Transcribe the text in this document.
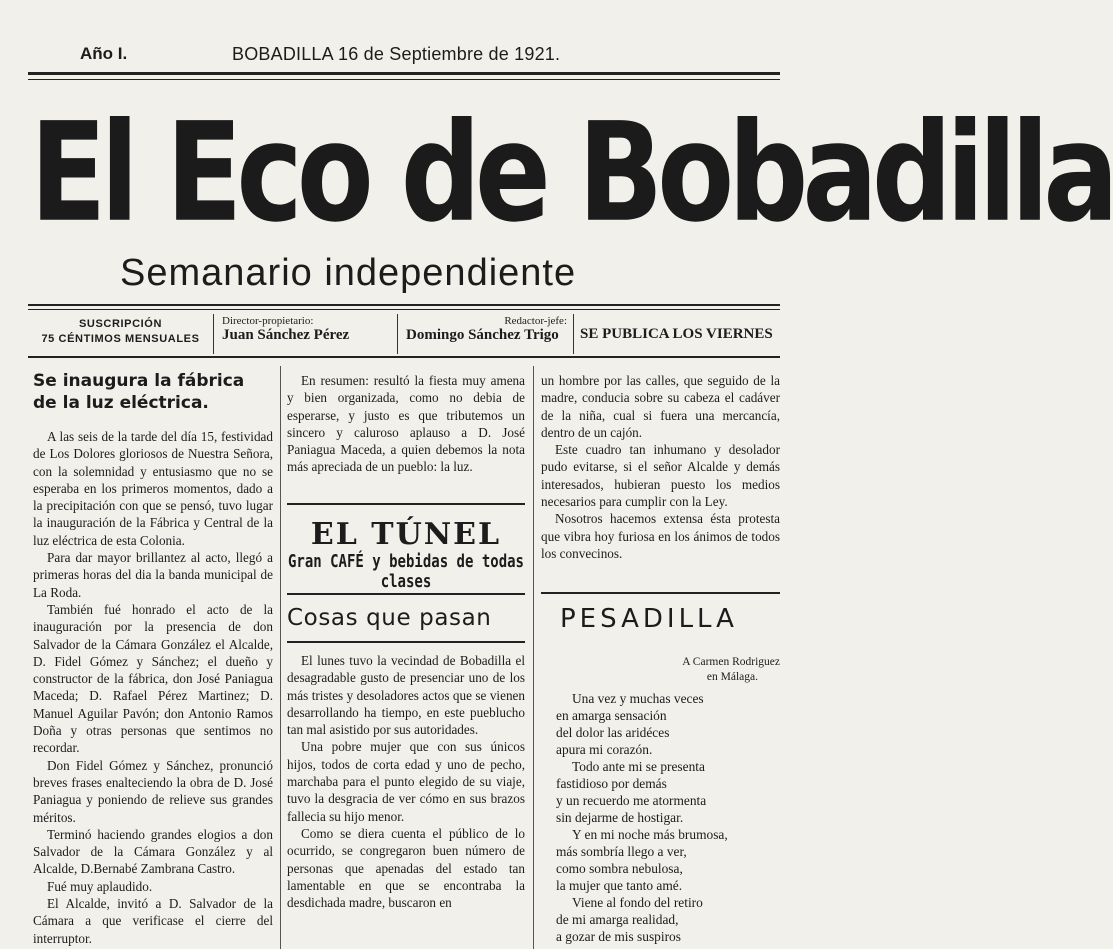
Año I.	BOBADILLA 16 de Septiembre de 1921.
El Eco de Bobadilla
Semanario independiente
SUSCRIPCIÓN
75 CÉNTIMOS MENSUALES
Director-propietario:
Juan Sánchez Pérez
Redactor-jefe:
Domingo Sánchez Trigo	SE PUBLICA LOS VIERNES
Se inaugura la fábrica de la luz eléctrica.

A las seis de la tarde del día 15, festividad de Los Dolores gloriosos de Nuestra Señora, con la solemnidad y entusiasmo que no se esperaba en los primeros momentos, dado a la precipitación con que se pensó, tuvo lugar la inauguración de la Fábrica y Central de la luz eléctrica de esta Colonia.

Para dar mayor brillantez al acto, llegó a primeras horas del dia la banda municipal de La Roda.

También fué honrado el acto de la inauguración por la presencia de don Salvador de la Cámara González el Alcalde, D. Fidel Gómez y Sánchez; el dueño y constructor de la fábrica, don José Paniagua Maceda; D. Rafael Pérez Martinez; D. Manuel Aguilar Pavón; don Antonio Ramos Doña y otras personas que sentimos no recordar.

Don Fidel Gómez y Sánchez, pronunció breves frases enalteciendo la obra de D. José Paniagua y poniendo de relieve sus grandes méritos.

Terminó haciendo grandes elogios a don Salvador de la Cámara González y al Alcalde, D.Bernabé Zambrana Castro.

Fué muy aplaudido.

El Alcalde, invitó a D. Salvador de la Cámara a que verificase el cierre del interruptor.

En resumen: resultó la fiesta muy amena y bien organizada, como no debia de esperarse, y justo es que tributemos un sincero y caluroso aplauso a D. José Paniagua Maceda, a quien debemos la nota más apreciada de un pueblo: la luz.

EL TÚNEL
Gran CAFÉ y bebidas de todas clases
Cosas que pasan

El lunes tuvo la vecindad de Bobadilla el desagradable gusto de presenciar uno de los más tristes y desoladores actos que se vienen desarrollando ha tiempo, en este pueblucho tan mal asistido por sus autoridades.

Una pobre mujer que con sus únicos hijos, todos de corta edad y uno de pecho, marchaba para el punto elegido de su viaje, tuvo la desgracia de ver cómo en sus brazos fallecia su hijo menor.

Como se diera cuenta el público de lo ocurrido, se congregaron buen número de personas que apenadas del estado tan lamentable en que se encontraba la desdichada madre, buscaron en

un hombre por las calles, que seguido de la madre, conducia sobre su cabeza el cadáver de la niña, cual si fuera una mercancía, dentro de un cajón.

Este cuadro tan inhumano y desolador pudo evitarse, si el señor Alcalde y demás interesados, hubieran puesto los medios necesarios para cumplir con la Ley.

Nosotros hacemos extensa ésta protesta que vibra hoy furiosa en los ánimos de todos los convecinos.

PESADILLA
A Carmen Rodriguez
en Málaga.
Una vez y muchas veces
en amarga sensación
del dolor las aridéces
apura mi corazón.
Todo ante mi se presenta
fastidioso por demás
y un recuerdo me atormenta
sin dejarme de hostigar.
Y en mi noche más brumosa,
más sombría llego a ver,
como sombra nebulosa,
la mujer que tanto amé.
Viene al fondo del retiro
de mi amarga realidad,
a gozar de mis suspiros
